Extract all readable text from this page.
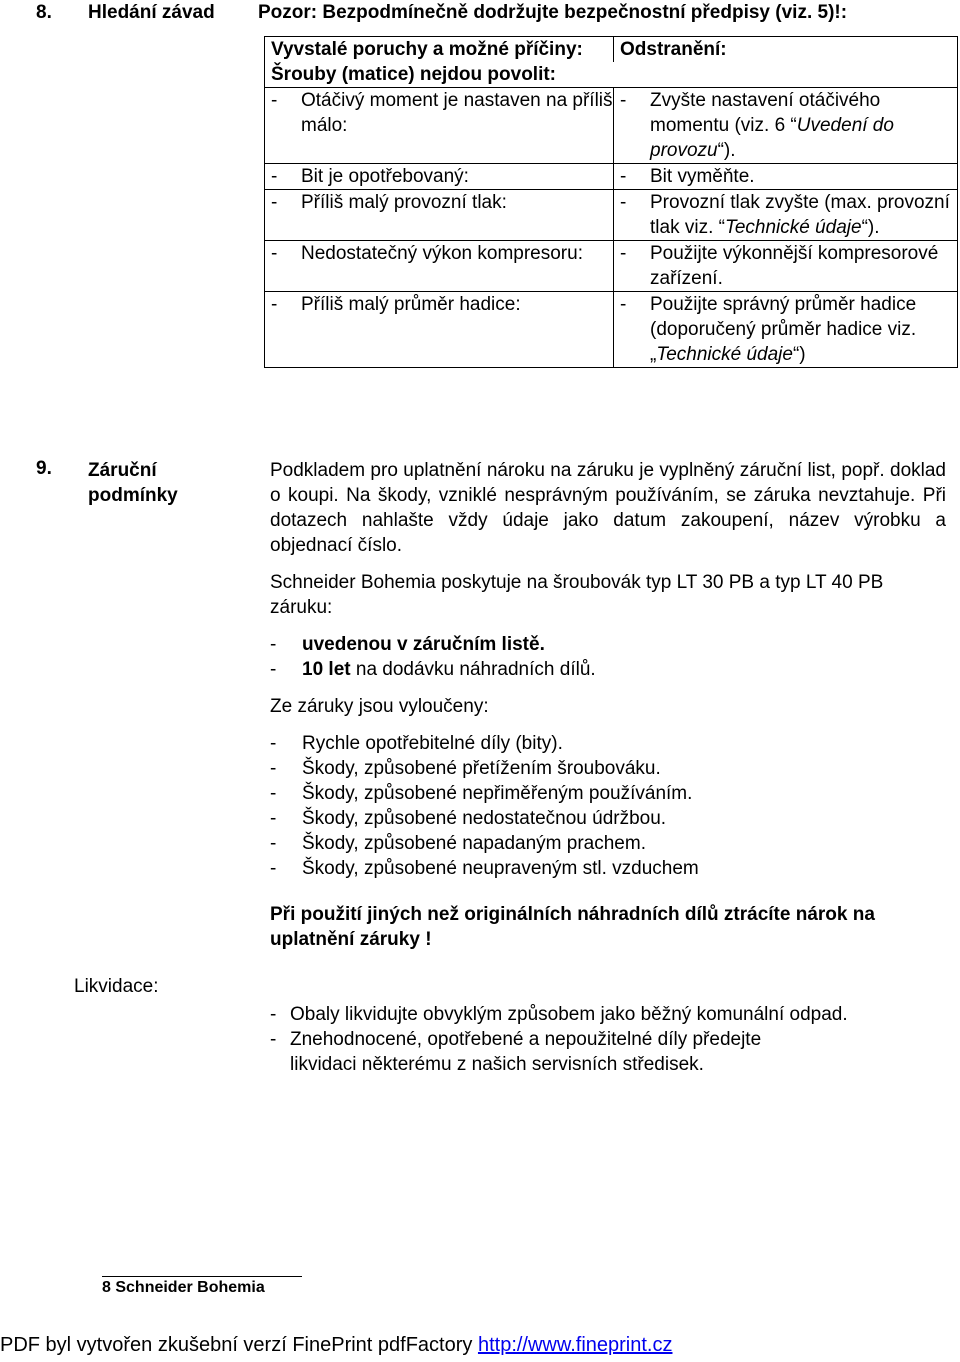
8. Hledání závad Pozor: Bezpodmínečně dodržujte bezpečnostní předpisy (viz. 5)!:
Vyvstalé poruchy a možné příčiny:	Odstranění:
Šrouby (matice) nejdou povolit:	

- Otáčivý moment je nastaven na příliš málo:	- Zvyšte nastavení otáčivého momentu (viz. 6 “Uvedení do provozu“).

- Bit je opotřebovaný:	- Bit vyměňte.

- Příliš malý provozní tlak:	- Provozní tlak zvyšte (max. provozní tlak viz. “Technické údaje“).

- Nedostatečný výkon kompresoru:	- Použijte výkonnější kompresorové zařízení.

- Příliš malý průměr hadice:	- Použijte správný průměr hadice (doporučený průměr hadice viz. „Technické údaje“)
9. Záruční podmínky

Podkladem pro uplatnění nároku na záruku je vyplněný záruční list, popř. doklad o koupi. Na škody, vzniklé nesprávným používáním, se záruka nevztahuje. Při dotazech nahlašte vždy údaje jako datum zakoupení, název výrobku a objednací číslo.

Schneider Bohemia poskytuje na šroubovák typ LT 30 PB a typ LT 40 PB záruku:

-	uvedenou v záručním listě.
-	10 let na dodávku náhradních dílů.

Ze záruky jsou vyloučeny:

-	Rychle opotřebitelné díly (bity).
-	Škody, způsobené přetížením šroubováku.
-	Škody, způsobené nepřiměřeným používáním.
-	Škody, způsobené nedostatečnou údržbou.
-	Škody, způsobené napadaným prachem.
-	Škody, způsobené neupraveným stl. vzduchem
Při použití jiných než originálních náhradních dílů ztrácíte nárok na uplatnění záruky !
Likvidace:
- Obaly likvidujte obvyklým způsobem jako běžný komunální odpad.
- Znehodnocené, opotřebené a nepoužitelné díly předejte
likvidaci některému z našich servisních středisek.
8 Schneider Bohemia
PDF byl vytvořen zkušební verzí FinePrint pdfFactory http://www.fineprint.cz
